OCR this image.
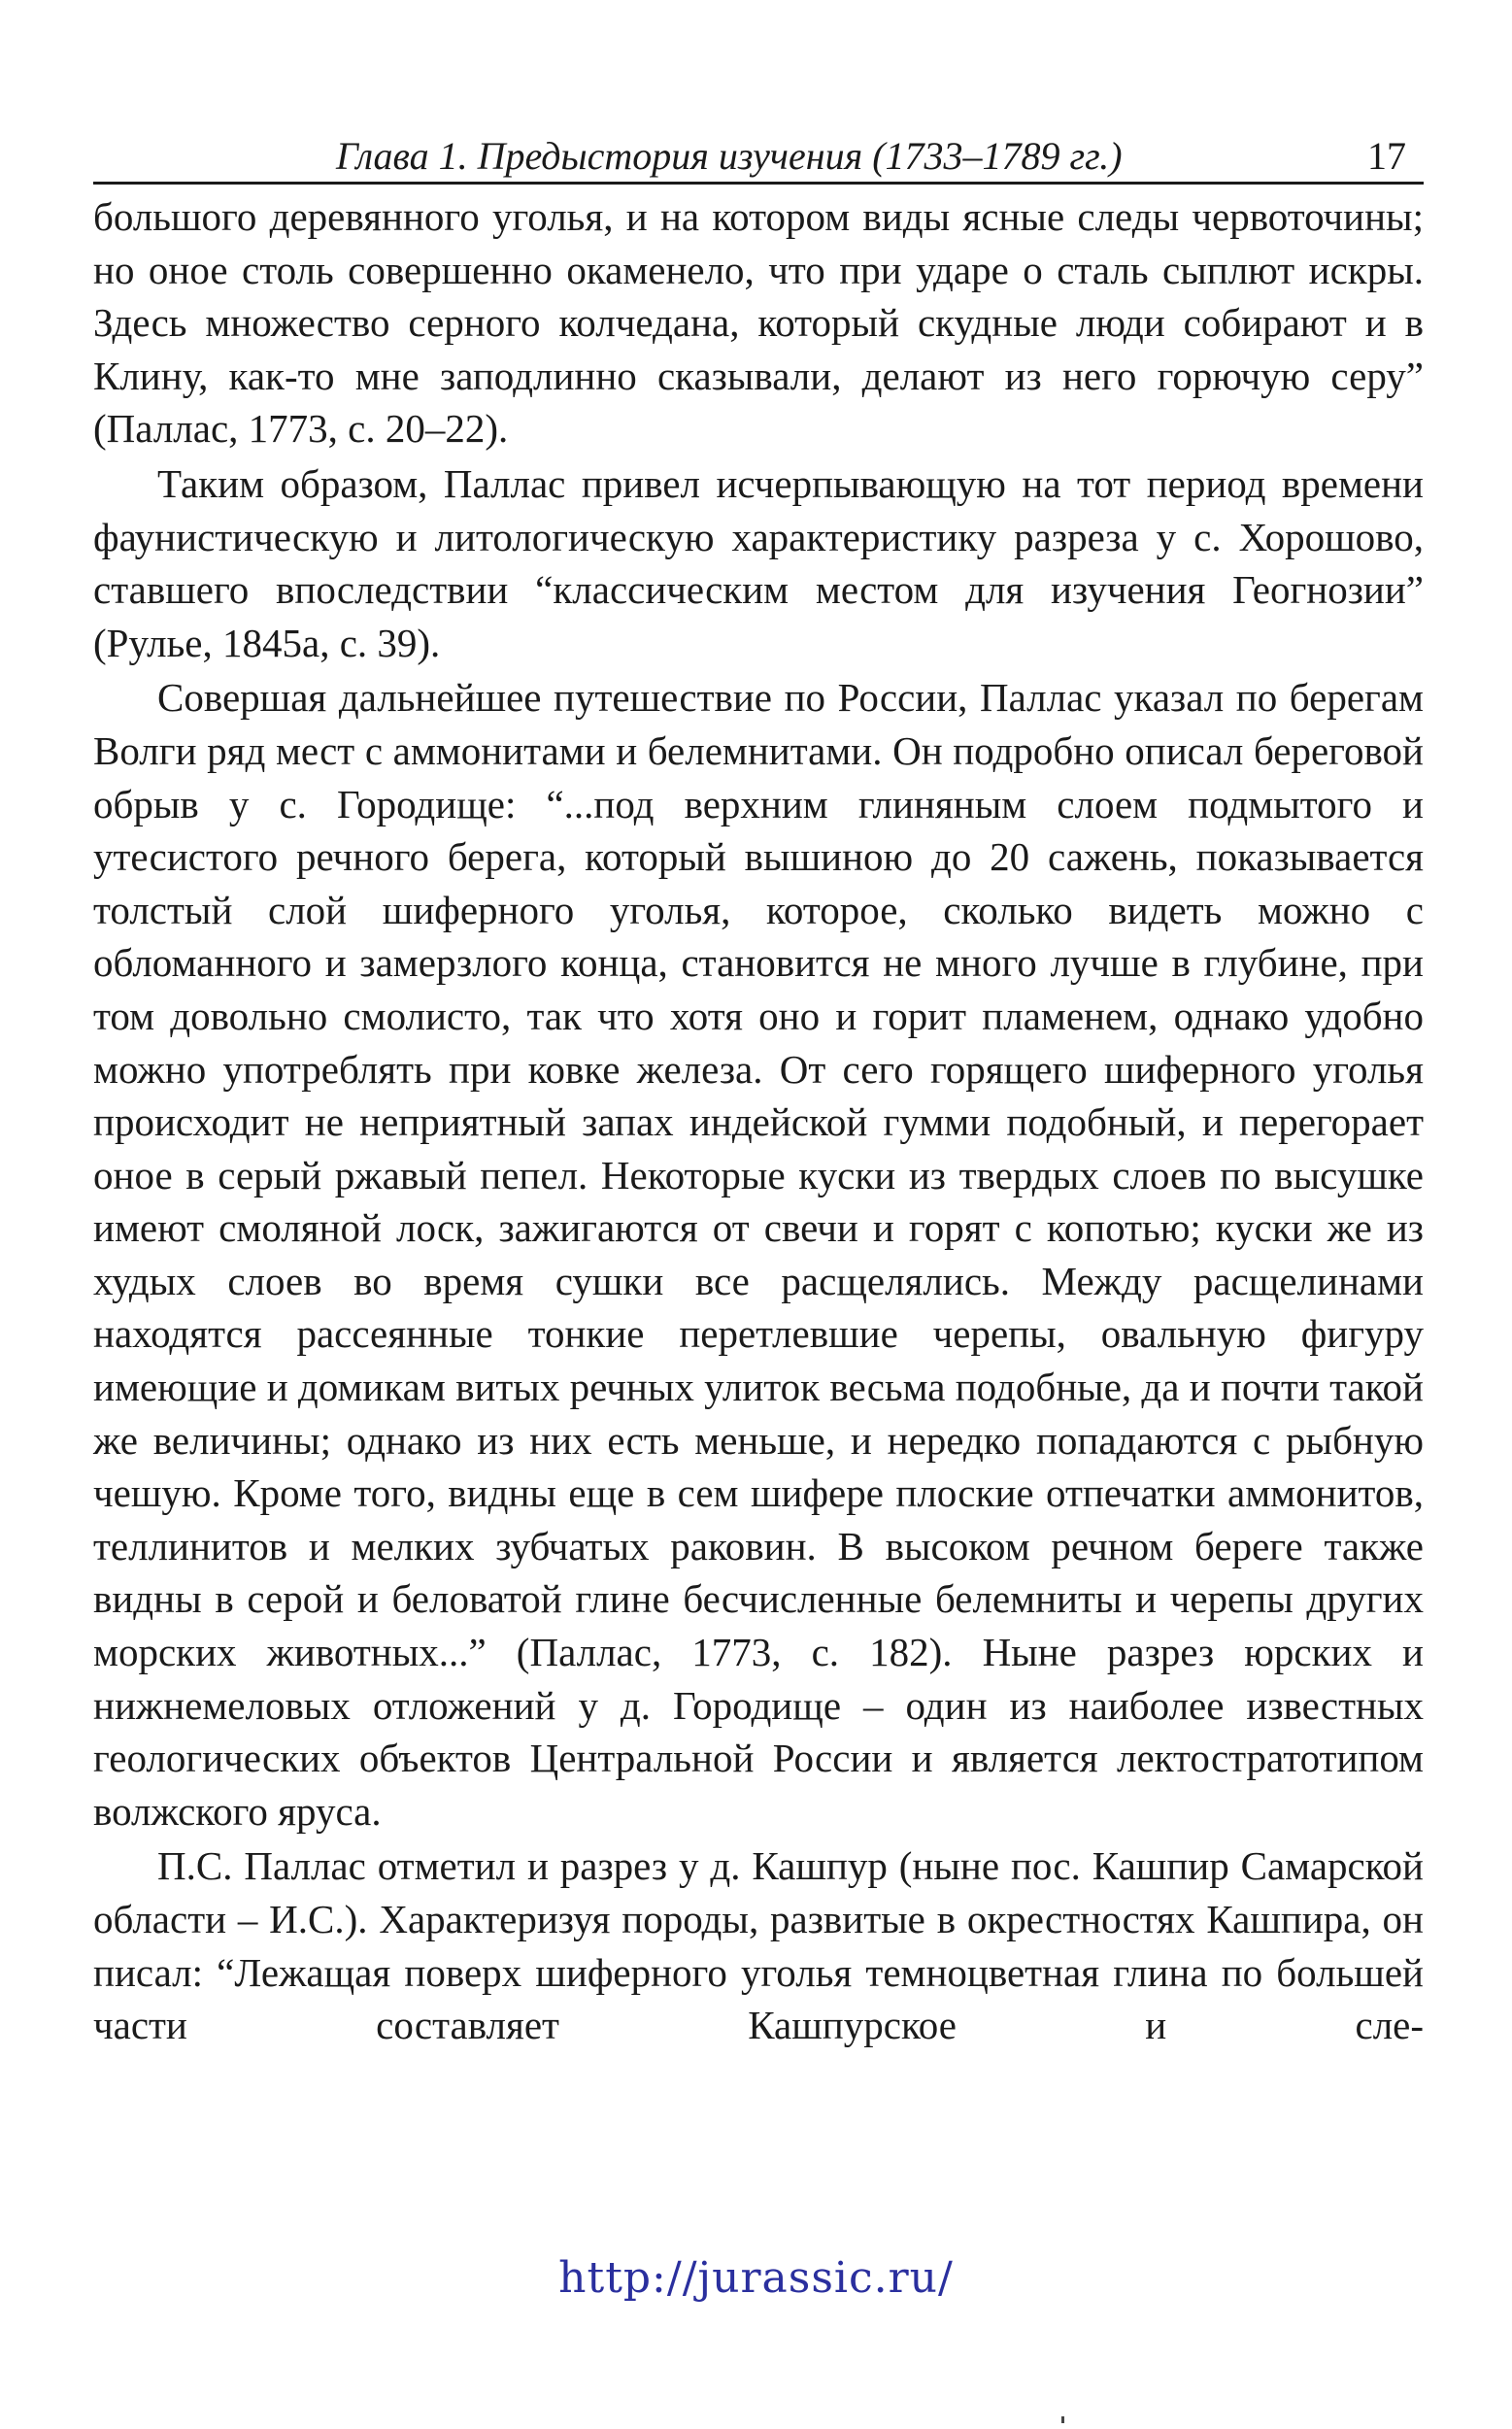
Глава 1. Предыстория изучения (1733–1789 гг.)	17

большого деревянного уголья, и на котором виды ясные следы червоточины; но оное столь совершенно окаменело, что при ударе о сталь сыплют искры. Здесь множество серного колчедана, который скудные люди собирают и в Клину, как-то мне заподлинно сказывали, делают из него горючую серу” (Паллас, 1773, с. 20–22).

Таким образом, Паллас привел исчерпывающую на тот период времени фаунистическую и литологическую характеристику разреза у с. Хорошово, ставшего впоследствии “классическим местом для изучения Геогнозии” (Рулье, 1845а, с. 39).

Совершая дальнейшее путешествие по России, Паллас указал по берегам Волги ряд мест с аммонитами и белемнитами. Он подробно описал береговой обрыв у с. Городище: “...под верхним глиняным слоем подмытого и утесистого речного берега, который вышиною до 20 сажень, показывается толстый слой шиферного уголья, которое, сколько видеть можно с обломанного и замерзлого конца, становится не много лучше в глубине, при том довольно смолисто, так что хотя оно и горит пламенем, однако удобно можно употреблять при ковке железа. От сего горящего шиферного уголья происходит не неприятный запах индейской гумми подобный, и перегорает оное в серый ржавый пепел. Некоторые куски из твердых слоев по высушке имеют смоляной лоск, зажигаются от свечи и горят с копотью; куски же из худых слоев во время сушки все расщелялись. Между расщелинами находятся рассеянные тонкие перетлевшие черепы, овальную фигуру имеющие и домикам витых речных улиток весьма подобные, да и почти такой же величины; однако из них есть меньше, и нередко попадаются с рыбную чешую. Кроме того, видны еще в сем шифере плоские отпечатки аммонитов, теллинитов и мелких зубчатых раковин. В высоком речном береге также видны в серой и беловатой глине бесчисленные белемниты и черепы других морских животных...” (Паллас, 1773, с. 182). Ныне разрез юрских и нижнемеловых отложений у д. Городище – один из наиболее известных геологических объектов Центральной России и является лектостратотипом волжского яруса.

П.С. Паллас отметил и разрез у д. Кашпур (ныне пос. Кашпир Самарской области – И.С.). Характеризуя породы, развитые в окрестностях Кашпира, он писал: “Лежащая поверх шиферного уголья темноцветная глина по большей части составляет Кашпурское и сле-

http://jurassic.ru/
